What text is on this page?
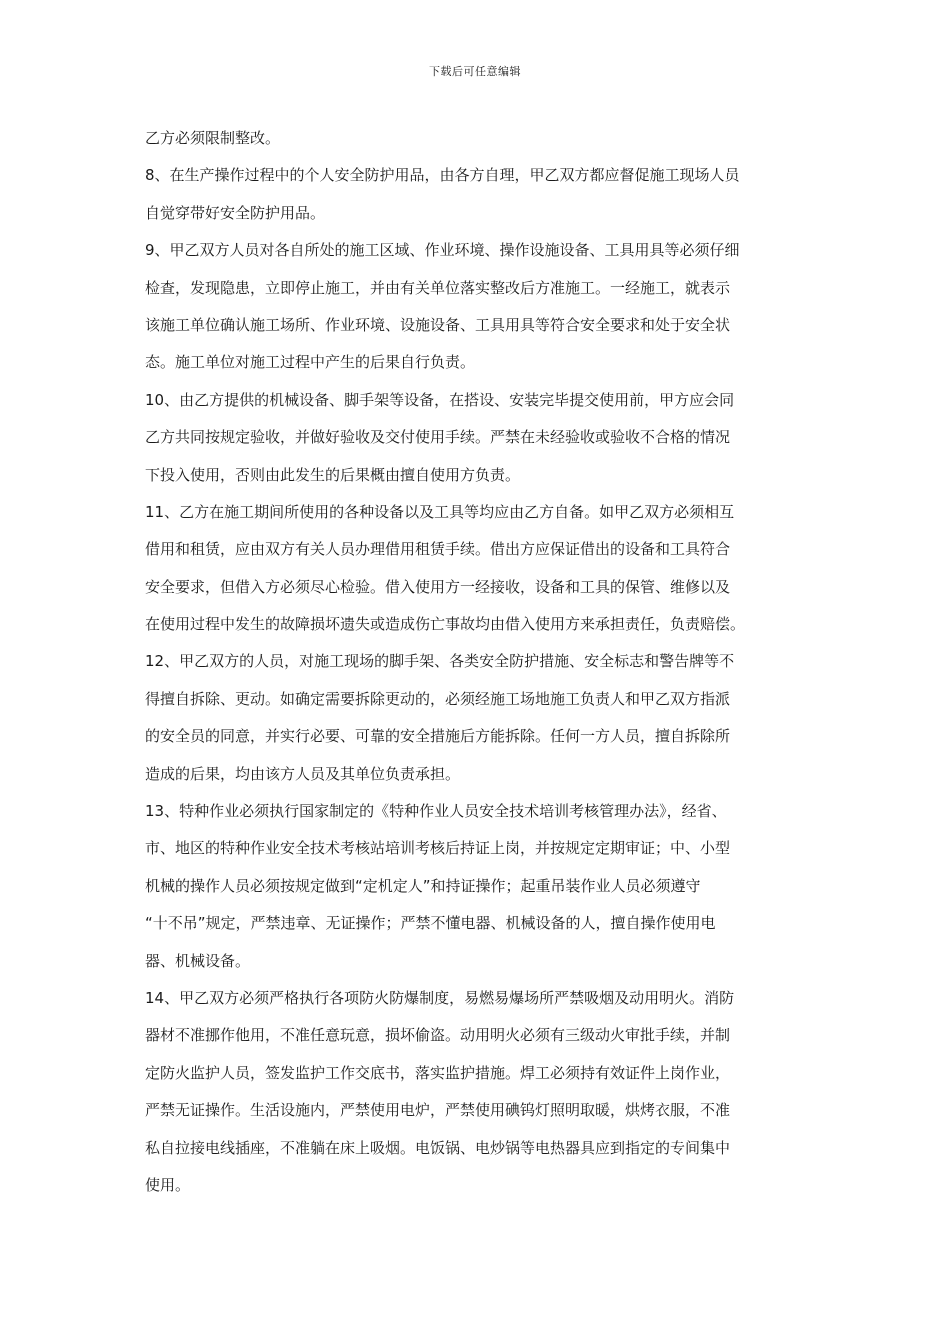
下载后可任意编辑
乙方必须限制整改。
8、在生产操作过程中的个人安全防护用品，由各方自理，甲乙双方都应督促施工现场人员
自觉穿带好安全防护用品。
9、甲乙双方人员对各自所处的施工区域、作业环境、操作设施设备、工具用具等必须仔细
检查，发现隐患，立即停止施工，并由有关单位落实整改后方准施工。一经施工，就表示
该施工单位确认施工场所、作业环境、设施设备、工具用具等符合安全要求和处于安全状
态。施工单位对施工过程中产生的后果自行负责。
10、由乙方提供的机械设备、脚手架等设备，在搭设、安装完毕提交使用前，甲方应会同
乙方共同按规定验收，并做好验收及交付使用手续。严禁在未经验收或验收不合格的情况
下投入使用，否则由此发生的后果概由擅自使用方负责。
11、乙方在施工期间所使用的各种设备以及工具等均应由乙方自备。如甲乙双方必须相互
借用和租赁，应由双方有关人员办理借用租赁手续。借出方应保证借出的设备和工具符合
安全要求，但借入方必须尽心检验。借入使用方一经接收，设备和工具的保管、维修以及
在使用过程中发生的故障损坏遗失或造成伤亡事故均由借入使用方来承担责任，负责赔偿。
12、甲乙双方的人员，对施工现场的脚手架、各类安全防护措施、安全标志和警告牌等不
得擅自拆除、更动。如确定需要拆除更动的，必须经施工场地施工负责人和甲乙双方指派
的安全员的同意，并实行必要、可靠的安全措施后方能拆除。任何一方人员，擅自拆除所
造成的后果，均由该方人员及其单位负责承担。
13、特种作业必须执行国家制定的《特种作业人员安全技术培训考核管理办法》，经省、
市、地区的特种作业安全技术考核站培训考核后持证上岗，并按规定定期审证；中、小型
机械的操作人员必须按规定做到“定机定人”和持证操作；起重吊装作业人员必须遵守
“十不吊”规定，严禁违章、无证操作；严禁不懂电器、机械设备的人，擅自操作使用电
器、机械设备。
14、甲乙双方必须严格执行各项防火防爆制度，易燃易爆场所严禁吸烟及动用明火。消防
器材不准挪作他用，不准任意玩意，损坏偷盗。动用明火必须有三级动火审批手续，并制
定防火监护人员，签发监护工作交底书，落实监护措施。焊工必须持有效证件上岗作业，
严禁无证操作。生活设施内，严禁使用电炉，严禁使用碘钨灯照明取暖，烘烤衣服，不准
私自拉接电线插座，不准躺在床上吸烟。电饭锅、电炒锅等电热器具应到指定的专间集中
使用。
